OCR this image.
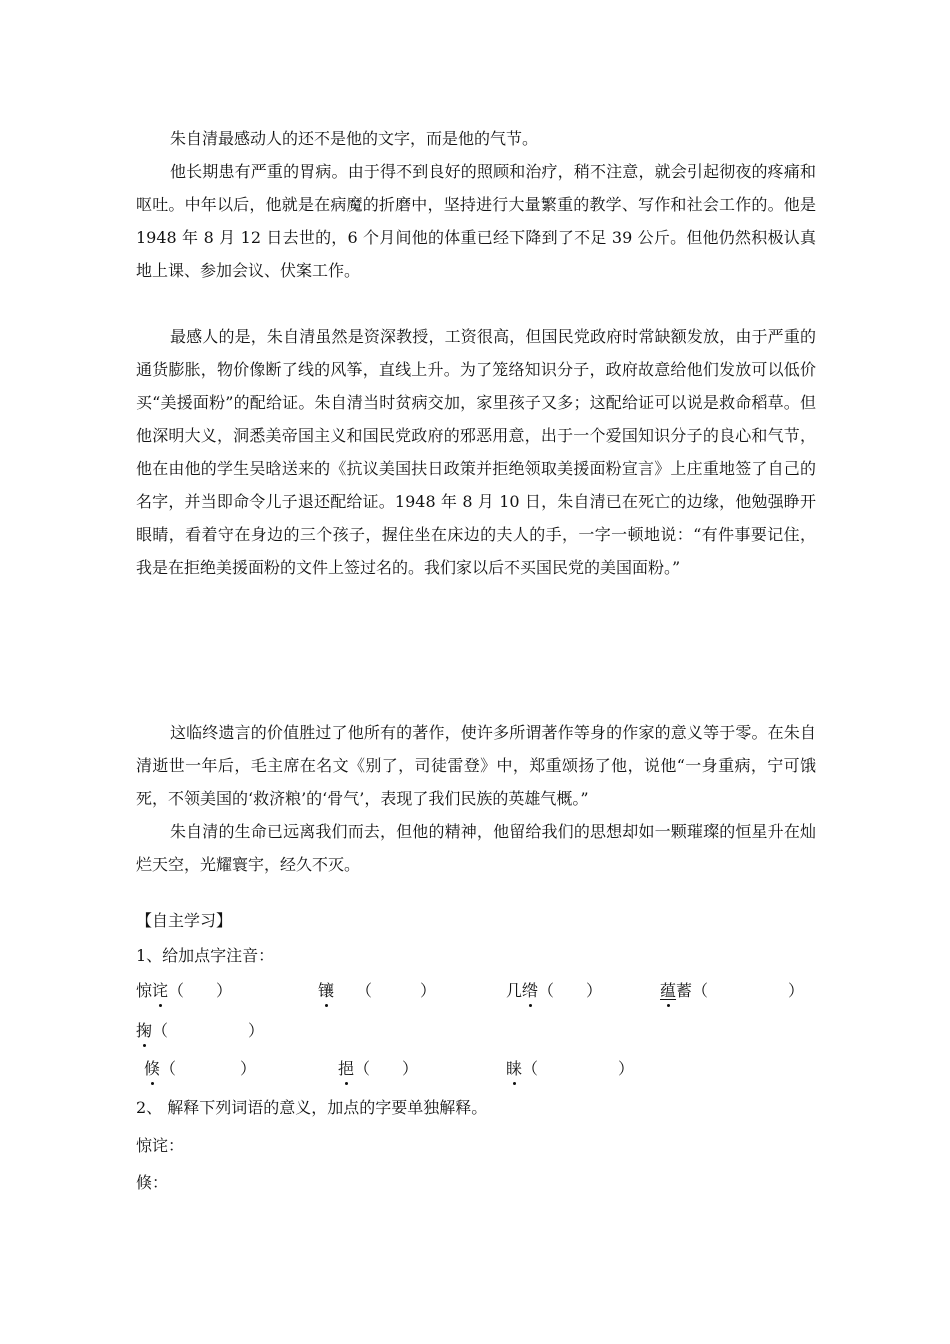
朱自清最感动人的还不是他的文字，而是他的气节。

他长期患有严重的胃病。由于得不到良好的照顾和治疗，稍不注意，就会引起彻夜的疼痛和呕吐。中年以后，他就是在病魔的折磨中，坚持进行大量繁重的教学、写作和社会工作的。他是 1948 年 8 月 12 日去世的，6 个月间他的体重已经下降到了不足 39 公斤。但他仍然积极认真地上课、参加会议、伏案工作。

最感人的是，朱自清虽然是资深教授，工资很高，但国民党政府时常缺额发放，由于严重的通货膨胀，物价像断了线的风筝，直线上升。为了笼络知识分子，政府故意给他们发放可以低价买“美援面粉”的配给证。朱自清当时贫病交加，家里孩子又多；这配给证可以说是救命稻草。但他深明大义，洞悉美帝国主义和国民党政府的邪恶用意，出于一个爱国知识分子的良心和气节，他在由他的学生吴晗送来的《抗议美国扶日政策并拒绝领取美援面粉宣言》上庄重地签了自己的名字，并当即命令儿子退还配给证。1948 年 8 月 10 日，朱自清已在死亡的边缘，他勉强睁开眼睛，看着守在身边的三个孩子，握住坐在床边的夫人的手，一字一顿地说：“有件事要记住，我是在拒绝美援面粉的文件上签过名的。我们家以后不买国民党的美国面粉。”

这临终遗言的价值胜过了他所有的著作，使许多所谓著作等身的作家的意义等于零。在朱自清逝世一年后，毛主席在名文《别了，司徒雷登》中，郑重颂扬了他，说他“一身重病，宁可饿死，不领美国的‘救济粮’的‘骨气’，表现了我们民族的英雄气概。”

朱自清的生命已远离我们而去，但他的精神，他留给我们的思想却如一颗璀璨的恒星升在灿烂天空，光耀寰宇，经久不灭。

【自主学习】
1、给加点字注音：
惊诧（　　）	镶 （　　　）	几绺（　　）	蕴蓄（　　　　　）
掬（　　　　　）
倏（　　　　）	挹（　　）	睐（　　　　　）
2、 解释下列词语的意义，加点的字要单独解释。
惊诧：
倏：
